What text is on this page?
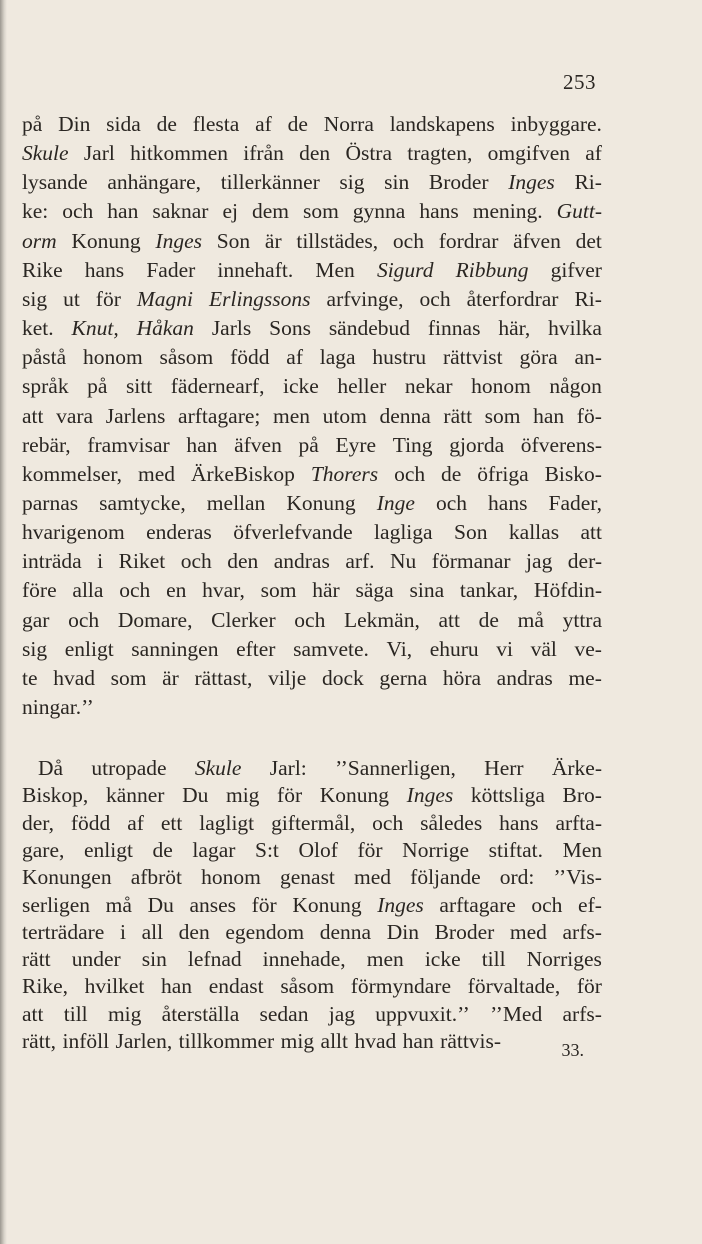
253
på Din sida de flesta af de Norra landskapens inbyggare.
Skule Jarl hitkommen ifrån den Östra tragten, omgifven af
lysande anhängare, tillerkänner sig sin Broder Inges Ri-
ke: och han saknar ej dem som gynna hans mening. Gutt-
orm Konung Inges Son är tillstädes, och fordrar äfven det
Rike hans Fader innehaft. Men Sigurd Ribbung gifver
sig ut för Magni Erlingssons arfvinge, och återfordrar Ri-
ket. Knut, Håkan Jarls Sons sändebud finnas här, hvilka
påstå honom såsom född af laga hustru rättvist göra an-
språk på sitt fädernearf, icke heller nekar honom någon
att vara Jarlens arftagare; men utom denna rätt som han fö-
rebär, framvisar han äfven på Eyre Ting gjorda öfverens-
kommelser, med ÄrkeBiskop Thorers och de öfriga Bisko-
parnas samtycke, mellan Konung Inge och hans Fader,
hvarigenom enderas öfverlefvande lagliga Son kallas att
inträda i Riket och den andras arf. Nu förmanar jag der-
före alla och en hvar, som här säga sina tankar, Höfdin-
gar och Domare, Clerker och Lekmän, att de må yttra
sig enligt sanningen efter samvete. Vi, ehuru vi väl ve-
te hvad som är rättast, vilje dock gerna höra andras me-
ningar.’’
Då utropade Skule Jarl: ’’Sannerligen, Herr Ärke-
Biskop, känner Du mig för Konung Inges köttsliga Bro-
der, född af ett lagligt giftermål, och således hans arfta-
gare, enligt de lagar S:t Olof för Norrige stiftat. Men
Konungen afbröt honom genast med följande ord: ’’Vis-
serligen må Du anses för Konung Inges arftagare och ef-
terträdare i all den egendom denna Din Broder med arfs-
rätt under sin lefnad innehade, men icke till Norriges
Rike, hvilket han endast såsom förmyndare förvaltade, för
att till mig återställa sedan jag uppvuxit.’’ ’’Med arfs-
rätt, inföll Jarlen, tillkommer mig allt hvad han rättvis-	33.
